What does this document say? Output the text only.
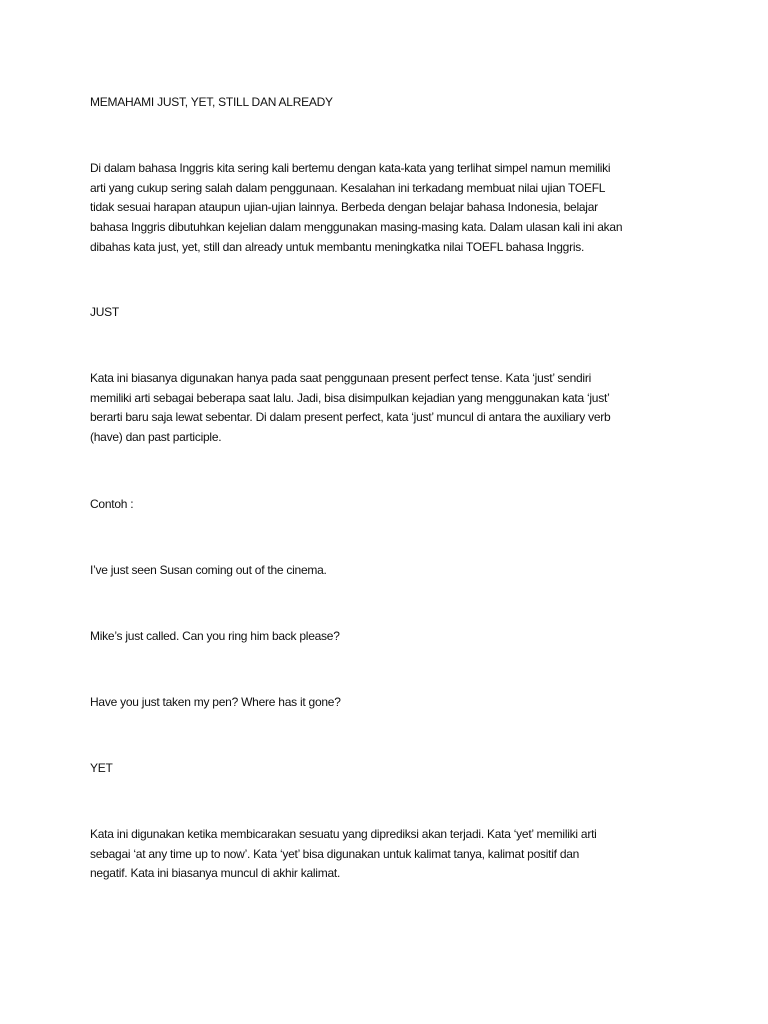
MEMAHAMI JUST, YET, STILL DAN ALREADY
Di dalam bahasa Inggris kita sering kali bertemu dengan kata-kata yang terlihat simpel namun memiliki
arti yang cukup sering salah dalam penggunaan. Kesalahan ini terkadang membuat nilai ujian TOEFL
tidak sesuai harapan ataupun ujian-ujian lainnya. Berbeda dengan belajar bahasa Indonesia, belajar
bahasa Inggris dibutuhkan kejelian dalam menggunakan masing-masing kata. Dalam ulasan kali ini akan
dibahas kata just, yet, still dan already untuk membantu meningkatka nilai TOEFL bahasa Inggris.
JUST
Kata ini biasanya digunakan hanya pada saat penggunaan present perfect tense. Kata ‘just’ sendiri
memiliki arti sebagai beberapa saat lalu. Jadi, bisa disimpulkan kejadian yang menggunakan kata ‘just’
berarti baru saja lewat sebentar. Di dalam present perfect, kata ‘just’ muncul di antara the auxiliary verb
(have) dan past participle.
Contoh :
I’ve just seen Susan coming out of the cinema.
Mike’s just called. Can you ring him back please?
Have you just taken my pen? Where has it gone?
YET
Kata ini digunakan ketika membicarakan sesuatu yang diprediksi akan terjadi. Kata ‘yet’ memiliki arti
sebagai ‘at any time up to now’. Kata ‘yet’ bisa digunakan untuk kalimat tanya, kalimat positif dan
negatif. Kata ini biasanya muncul di akhir kalimat.
